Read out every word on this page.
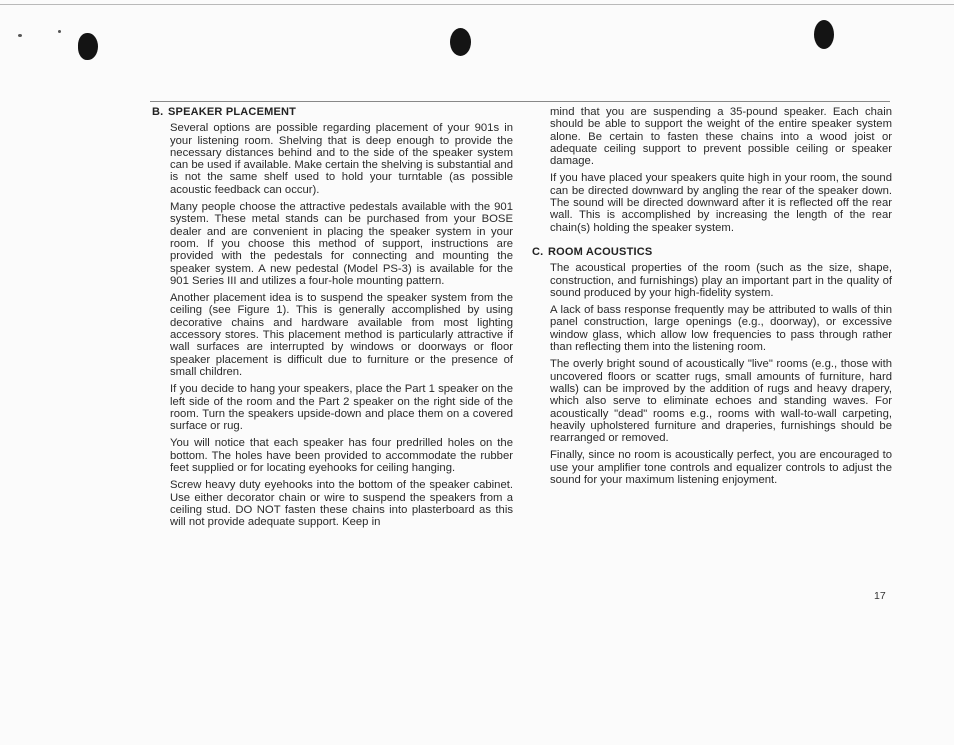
B. SPEAKER PLACEMENT

Several options are possible regarding placement of your 901s in your listening room. Shelving that is deep enough to provide the necessary distances behind and to the side of the speaker system can be used if available. Make certain the shelving is substantial and is not the same shelf used to hold your turntable (as possible acoustic feedback can occur).

Many people choose the attractive pedestals available with the 901 system. These metal stands can be purchased from your BOSE dealer and are convenient in placing the speaker system in your room. If you choose this method of support, instructions are provided with the pedestals for connecting and mounting the speaker system. A new pedestal (Model PS-3) is available for the 901 Series III and utilizes a four-hole mounting pattern.

Another placement idea is to suspend the speaker system from the ceiling (see Figure 1). This is generally accomplished by using decorative chains and hardware available from most lighting accessory stores. This placement method is particularly attractive if wall surfaces are interrupted by windows or doorways or floor speaker placement is difficult due to furniture or the presence of small children.

If you decide to hang your speakers, place the Part 1 speaker on the left side of the room and the Part 2 speaker on the right side of the room. Turn the speakers upside-down and place them on a covered surface or rug.

You will notice that each speaker has four predrilled holes on the bottom. The holes have been provided to accommodate the rubber feet supplied or for locating eyehooks for ceiling hanging.

Screw heavy duty eyehooks into the bottom of the speaker cabinet. Use either decorator chain or wire to suspend the speakers from a ceiling stud. DO NOT fasten these chains into plasterboard as this will not provide adequate support. Keep in

mind that you are suspending a 35-pound speaker. Each chain should be able to support the weight of the entire speaker system alone. Be certain to fasten these chains into a wood joist or adequate ceiling support to prevent possible ceiling or speaker damage.

If you have placed your speakers quite high in your room, the sound can be directed downward by angling the rear of the speaker down. The sound will be directed downward after it is reflected off the rear wall. This is accomplished by increasing the length of the rear chain(s) holding the speaker system.

C. ROOM ACOUSTICS

The acoustical properties of the room (such as the size, shape, construction, and furnishings) play an important part in the quality of sound produced by your high-fidelity system.

A lack of bass response frequently may be attributed to walls of thin panel construction, large openings (e.g., doorway), or excessive window glass, which allow low frequencies to pass through rather than reflecting them into the listening room.

The overly bright sound of acoustically "live" rooms (e.g., those with uncovered floors or scatter rugs, small amounts of furniture, hard walls) can be improved by the addition of rugs and heavy drapery, which also serve to eliminate echoes and standing waves. For acoustically "dead" rooms e.g., rooms with wall-to-wall carpeting, heavily upholstered furniture and draperies, furnishings should be rearranged or removed.

Finally, since no room is acoustically perfect, you are encouraged to use your amplifier tone controls and equalizer controls to adjust the sound for your maximum listening enjoyment.

17
